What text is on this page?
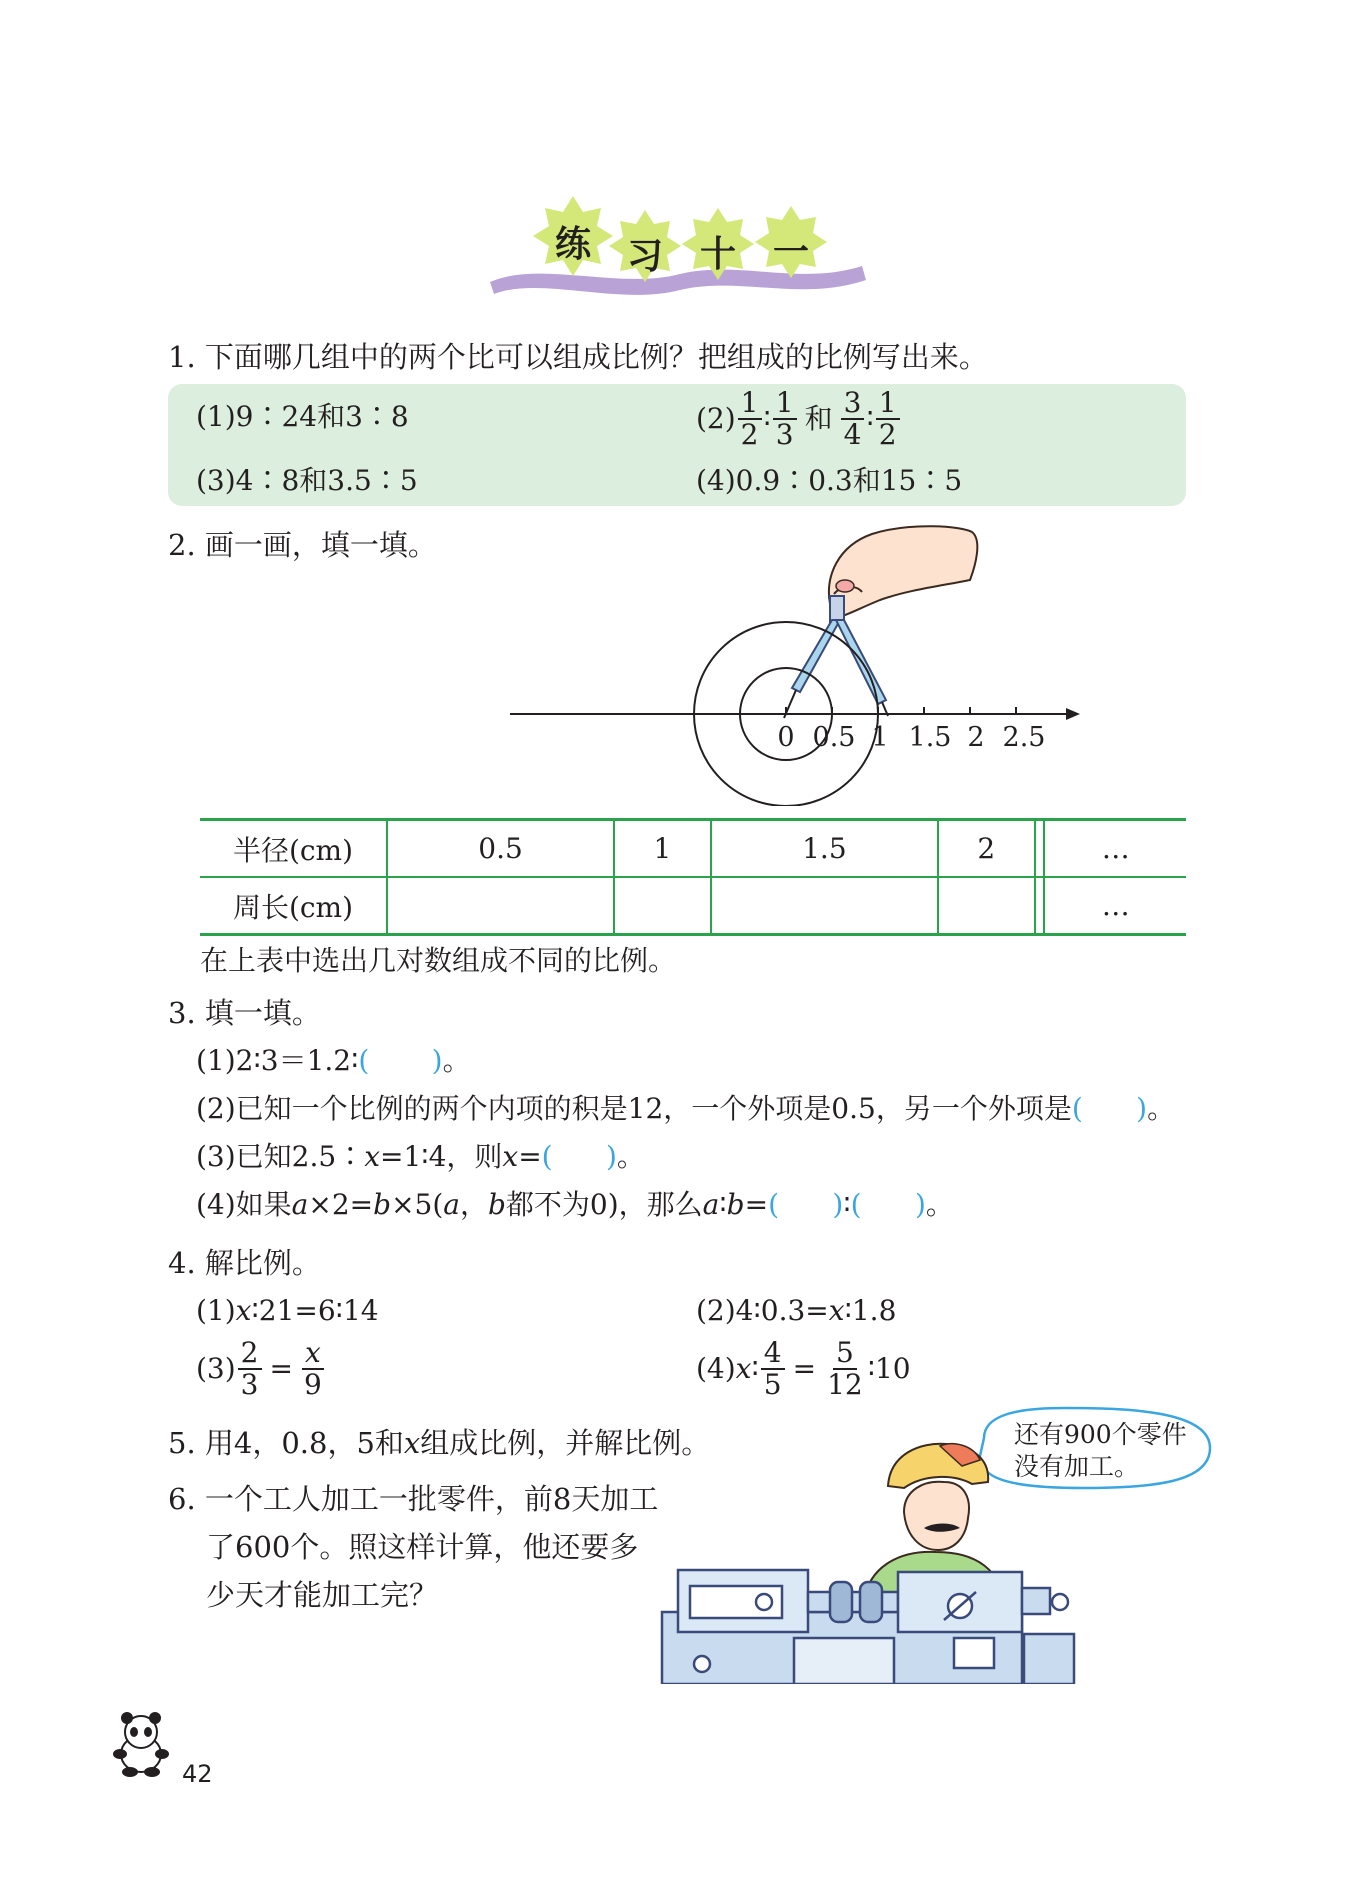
练 习 十 一
1. 下面哪几组中的两个比可以组成比例？把组成的比例写出来。
(1)9∶24和3∶8	$(2) \frac{1}{2}$ ∶ $\frac{1}{3}$ 和 $\frac{3}{4}$ ∶ $\frac{1}{2}$
(3)4∶8和3.5∶5	(4)0.9∶0.3和15∶5
2. 画一画，填一填。
0 0.5 1 1.5 2 2.5
半径(cm)	0.5	1	1.5	2		…
周长(cm)						…
在上表中选出几对数组成不同的比例。
3. 填一填。
(1)2∶3＝1.2∶(       )。
(2)已知一个比例的两个内项的积是12，一个外项是0.5，另一个外项是(      )。
(3)已知2.5∶x=1∶4，则x=(      )。
(4)如果a×2=b×5(a，b都不为0)，那么a∶b=(      )∶(      )。
4. 解比例。
(1)x∶21=6∶14	(2)4∶0.3=x∶1.8
$(3) \frac{2}{3} = \frac{x}{9}$	(4) x ∶ $\frac{4}{5} = \frac{5}{12}$ ∶10
5. 用4，0.8，5和x组成比例，并解比例。
6. 一个工人加工一批零件，前8天加工
了600个。照这样计算，他还要多
少天才能加工完？
还有900个零件
没有加工。
42
